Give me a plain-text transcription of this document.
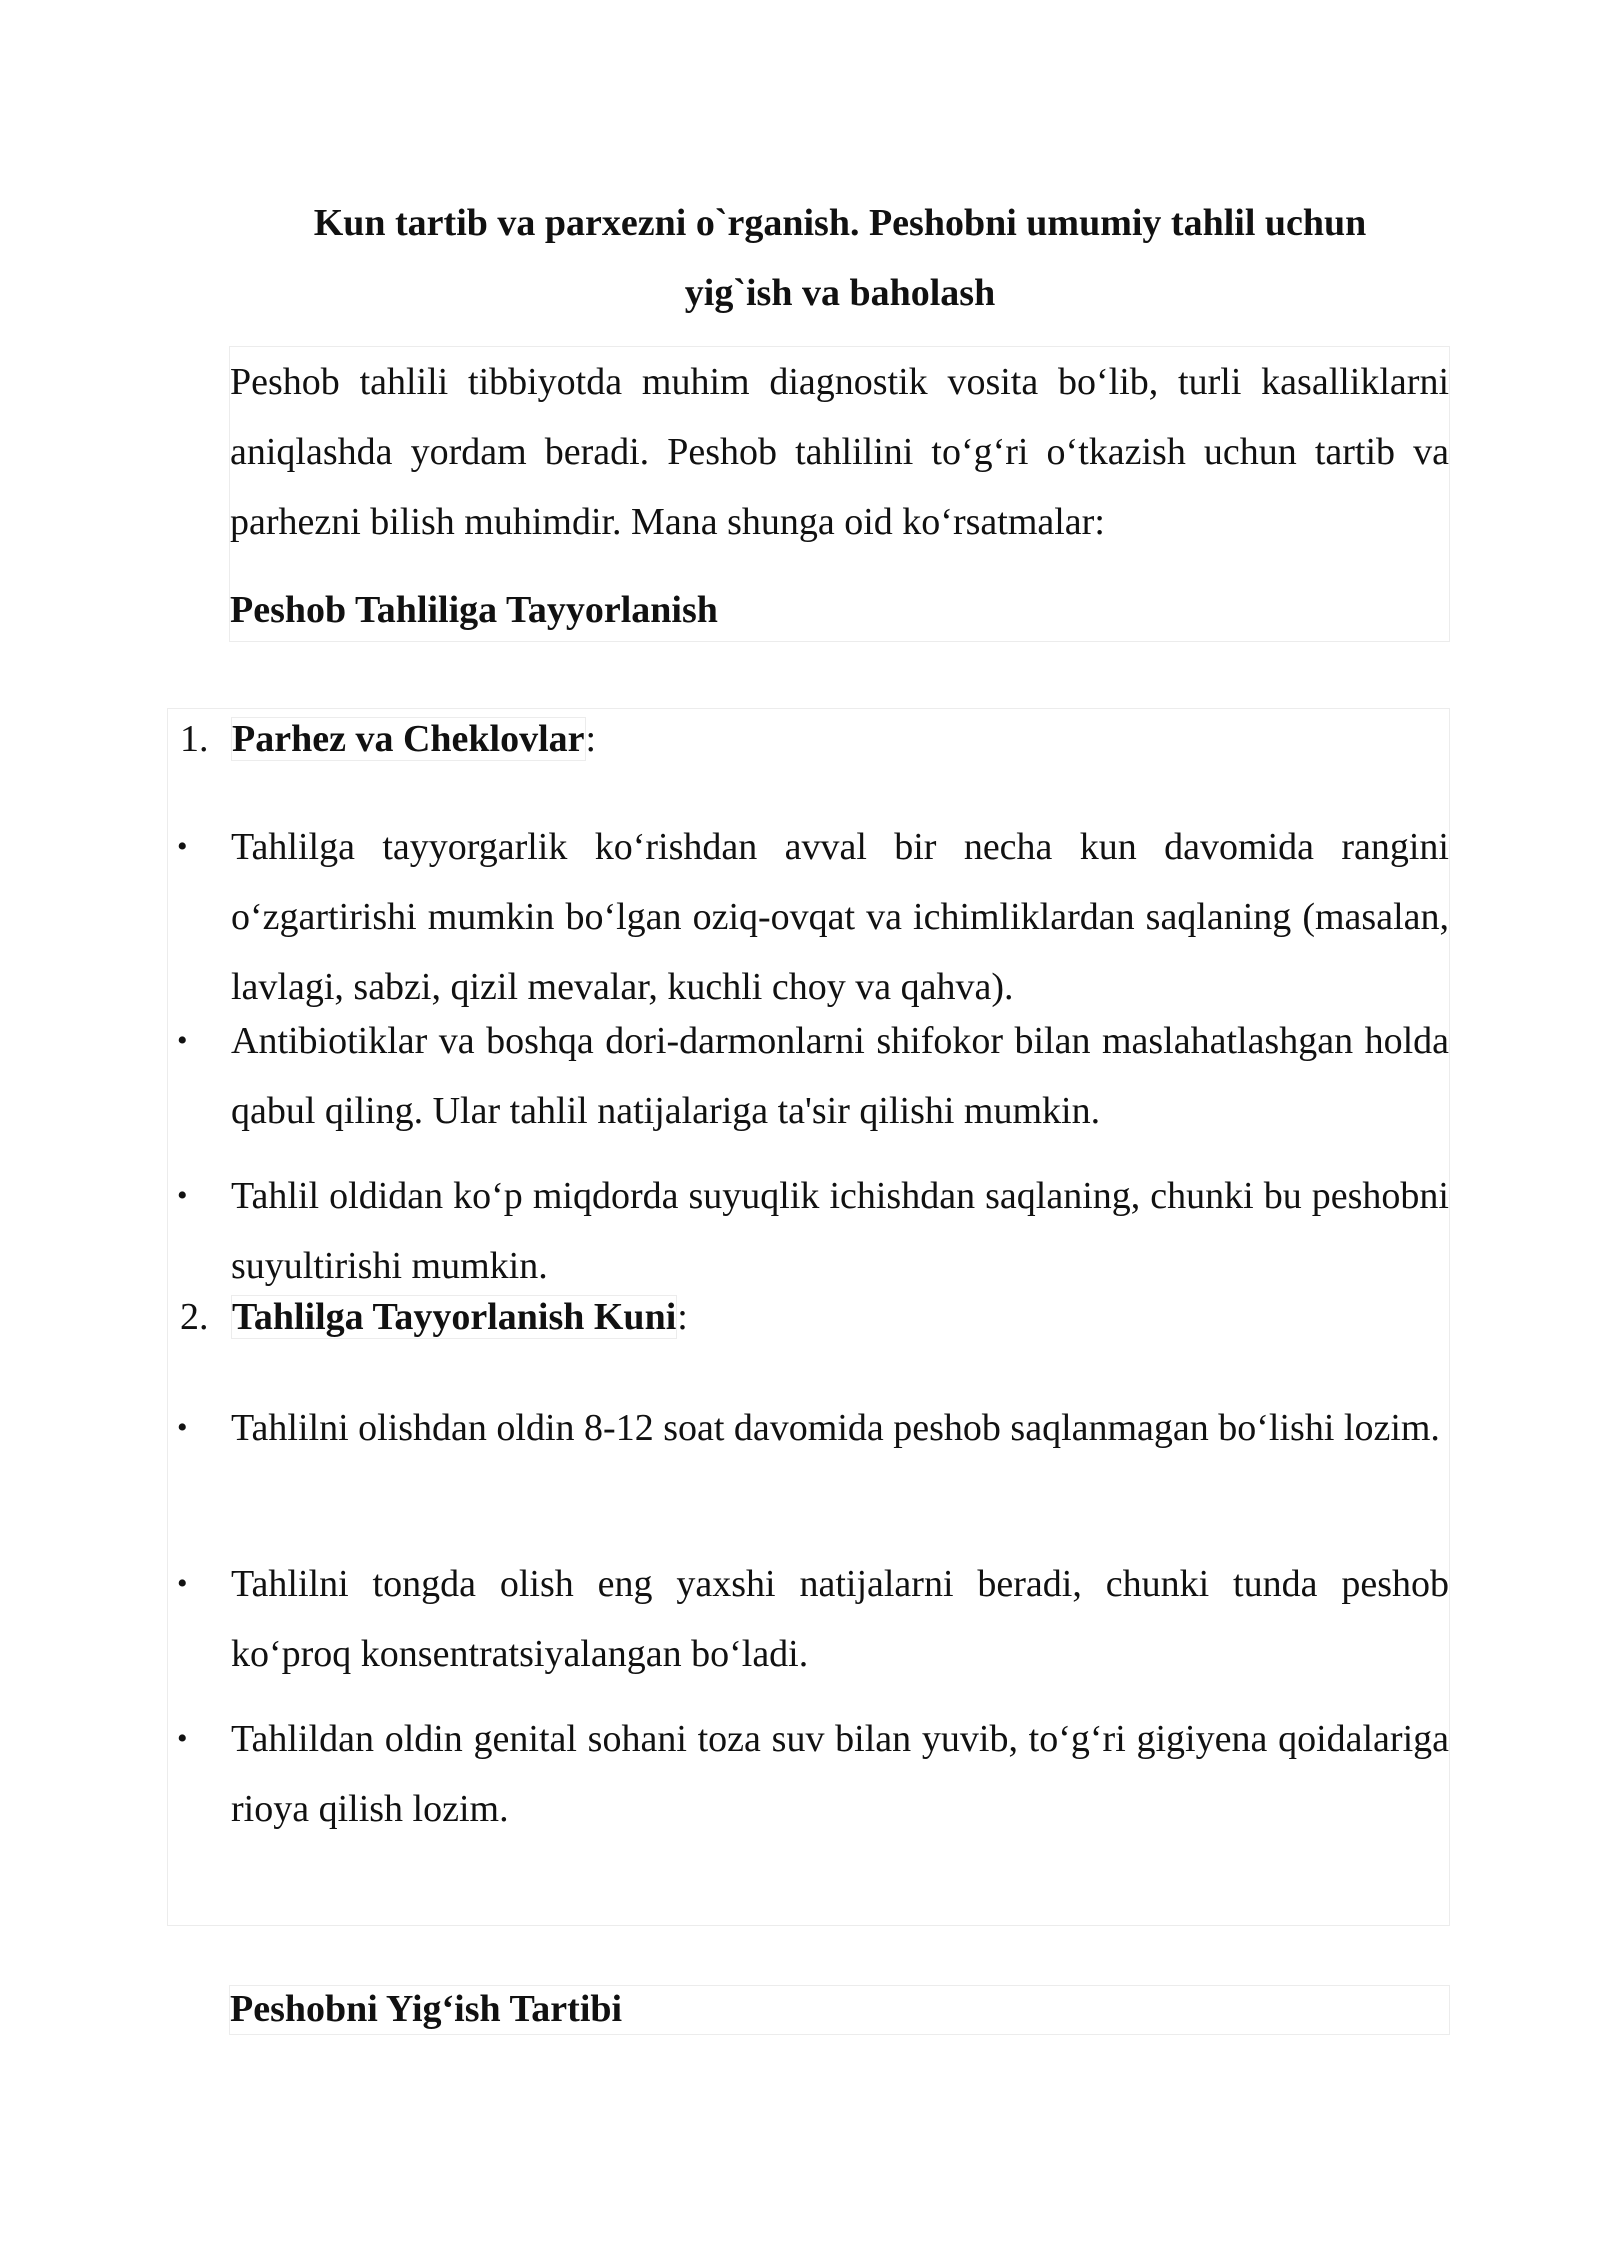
Kun tartib va parxezni o`rganish. Peshobni umumiy tahlil uchun
yig`ish va baholash

Peshob tahlili tibbiyotda muhim diagnostik vosita bo‘lib, turli kasalliklarni aniqlashda yordam beradi. Peshob tahlilini to‘g‘ri o‘tkazish uchun tartib va parhezni bilish muhimdir. Mana shunga oid ko‘rsatmalar:

Peshob Tahliliga Tayyorlanish
1. Parhez va Cheklovlar:
• Tahlilga tayyorgarlik ko‘rishdan avval bir necha kun davomida rangini o‘zgartirishi mumkin bo‘lgan oziq-ovqat va ichimliklardan saqlaning (masalan, lavlagi, sabzi, qizil mevalar, kuchli choy va qahva).

• Antibiotiklar va boshqa dori-darmonlarni shifokor bilan maslahatlashgan holda qabul qiling. Ular tahlil natijalariga ta'sir qilishi mumkin.

• Tahlil oldidan ko‘p miqdorda suyuqlik ichishdan saqlaning, chunki bu peshobni suyultirishi mumkin.

2. Tahlilga Tayyorlanish Kuni:
• Tahlilni olishdan oldin 8-12 soat davomida peshob saqlanmagan bo‘lishi lozim.

• Tahlilni tongda olish eng yaxshi natijalarni beradi, chunki tunda peshob ko‘proq konsentratsiyalangan bo‘ladi.

• Tahlildan oldin genital sohani toza suv bilan yuvib, to‘g‘ri gigiyena qoidalariga rioya qilish lozim.

Peshobni Yig‘ish Tartibi
